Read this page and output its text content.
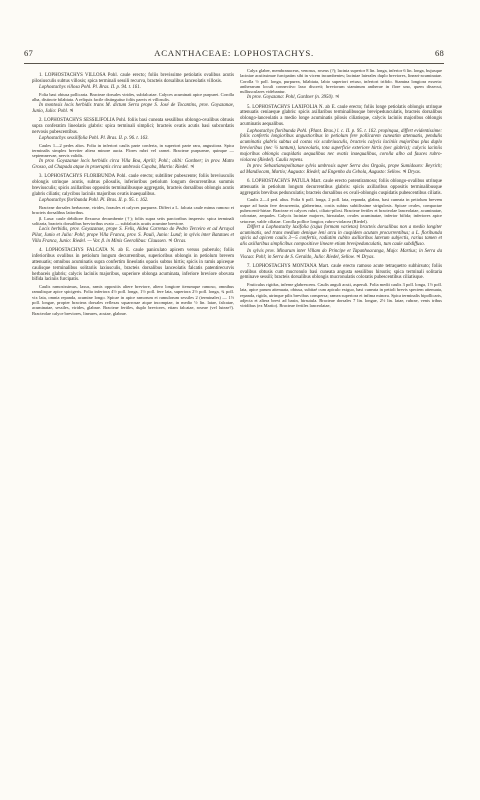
67	ACANTHACEAE: LOPHOSTACHYS.	68

1. LOPHOSTACHYS VILLOSA Pohl. caule erecto; foliis brevissime petiolatis ovalibus acutis pilosiusculis subtus villosis; spica terminali sessili recurva, bracteis dorsalibus lanceolatis villosis.

Lophostachys villosa Pohl. Pl. Bras. II. p. 94. t. 161.

Folia basi obtusa pollicaria. Bracteae dorsales virides, subfalcatae. Calyces acuminati apice purpurei. Corolla alba, distincte bilabiata. A reliquis facile distinguitur foliis parvis et villosulis.

In montosis locis herbidis trans M. dictum Serra prope S. José de Tocantins, prov. Goyazanae, Junio, Julio: Pohl. ♃

2. LOPHOSTACHYS SESSILIFOLIA Pohl. foliis basi cuneata sessilibus oblongo-ovalibus obtusis supra conferatim lineolatis glabris: spica terminali simplici; bracteis ovatis acutis basi subcordatis nervosis pubescentibus.

Lophostachys sessilifolia Pohl. Pl. Bras. II. p. 96. t. 163.

Caules 1—2 pedes altos. Folia in inferiori caulis parte conferta, in superiori parte rara, angustiora. Spica terminalis simplex breviter altera minore aucta. Flores rubri vel carnei. Bracteae purpureae, quinque — septemnervae, nervis validis.

In prov. Goyazanae locis herbidis circa Villa Boa, Aprili; Pohl.; alibi: Gardner; in prov. Matto Grosso, ad Chapada atque in praeruptis circa umbrosis Cuyaba, Martio: Riedel. ♃

3. LOPHOSTACHYS FLORIBUNDA Pohl. caule erecto; subtiliter pubescente; foliis breviusculis oblongis utrinque acutis, subtus pilosulis, inferioribus petiolum longum decurrentibus summis breviusculis; spicis axillaribus oppositis terminalibusque aggregatis, bracteis dorsalibus oblongis acutis glabris ciliatis; calycibus laciniis majoribus ovatis inaequalibus.

Lophostachys floribunda Pohl. Pl. Bras. II. p. 95. t. 162.

Bracteae dorsales herbaceae, virides, foraules et calyces purpurea. Differt a L. falcata caule minus ramoso et bracteis dorsalibus latioribus.

β. Laxa: caule debiliore flexuoso decumbente (†); foliis supra setis parcioribus inspersis: spica terminali solitaria, bracteis dorsalibus brevioribus ovato — subfalcatis acutis acumine breviore.

Locis herbidis, prov. Goyazanae, prope S. Felis, Aldea Carretao do Pedro Terceiro et ad Arrayal Pilar, Junio et Julio: Pohl; prope Villa Franca, prov. S. Pauli, Junio: Lund; in sylvis inter Batataes et Villa Franca, Junio: Riedel. — Var. β. in Minis Geeralibus: Claussen. ♃ Orcas.

4. LOPHOSTACHYS FALCATA N. ab E. caule paniculato apicem versus puberulo; foliis inferioribus ovalibus in petiolum longum decurrentibus, superioribus oblongis in petiolum brevem attenuatis; omnibus acuminatis supra confertim lineolatis opacis subtus hirtis; spicis in ramis apiceque caulisque terminalibus solitariis laxiusculis, bracteis dorsalibus lanceolatis falcatis patentirecurvis herbaceis glabris; calycis laciniis majoribus, superiore oblonga acuminata, inferiore breviore obovata bifida laciniis furcipatis.

Caulis ramosissimus, laxus, ramis oppositis altere breviore, altero longiore iterumque ramoso, omnibus ramulisque apice spicigeris. Folia inferiora 4½ poll. longa, 1½ poll. fere lata, superiora 2½ poll. longa, ¾ poll. vix lata, omnia repanda, acumine longo. Spicae in apice ramorum et ramulorum sessiles 2 (terminales) — 1½ poll. longae, propter bracteas dorsales reflexas squarrosae atque incomptae, in medio ½ lin. latae, falcatae, acuminatae, sessiles, virides, glabrae. Bracteae fertiles, duplo breviores, etiam falcatae, roseae (vel luteae?). Bracteolae calyce breviores, lineares, acutae, glabrae.

Calyx glaber, membranaceus, venosus, roseus (?); lacinia superior 8 lin. longa, inferior 6 lin. longa, bujusque laciniae acutissimae furcipatim sibi in vicem incumbentes; laciniae laterales duplo breviores, lineari-acuminatae. Corolla ½ poll. longa, purpurea, bilabiata, labio superiori retuso, inferiori trifido. Stamina longiora exserta: antherarum loculi connectivo laxo discreti; breviorum staminum antherae in flore uno, quem dissecui, nulliusculares videbantur.

In prov. Goyazana: Pohl, Gardner (n. 3950). ♃

5. LOPHOSTACHYS LAXIFOLIA N. ab E. caule erecto; foliis longe petiolatis oblongis utrinque attenuatis ceniaeque glabris: spicis axillaribus terminalibusque brevipedunculatis, bracteis dorsalibus oblongo-lanceolatis a medio longe acuminatis pilosis ciliatisque, calycis laciniis majoribus oblongis acuminatis aequalibus.

Lophostachys floribunda Pohl. (Plant. Bras.) l. c. II. p. 95. t. 162. propinqua, differt evidentissime: foliis confertis longioribus angustioribus in petiolum fere pollicarem cuneatim attenuatis, pendulis acuminatis glabris subtus ad costas vix scabriusculis, bracteis calycis laciniis majoribus plus duplo brevioribus (nec ¼ tantum), lanceolatis, tota superficie exteriore hirtis (nec glabris); calycis laciniis majoribus oblongis cuspidatis aequalibus nec ovatis inaequalibus, corolla albo ad fauces rubro-violacea (Riedel). Caulis repens.

In prov. Sebastianopolitanae sylvis umbrosis super Serra dos Orgaös, prope Sumidouro: Beyrich; ad Mandiocam, Martio; Augusto: Riedel; ad Engenho da Cebola, Augusto: Sellow. ♃ Dryas.

6. LOPHOSTACHYS PATULA Mart. caule erecto potentiramoso; foliis oblongo-ovalibus utrinque attenuatis in petiolum longum decurrentibus glabris: spicis axillaribus oppositis terminalibusque aggregatis brevibus pedunculatis; bracteis dorsalibus ex ovali-oblongis cuspidatis pubescentibus ciliatis.

Caulis 2—4 ped. altus. Folia 6 poll. longa, 2 poll. lata, repanda, glabra, basi cuneata in petiolum brevem usque ad basin fere decurrentia, glaberrima, costis subtus subtilissime strigulosis. Spicae ovales, compactae pubescenti-hirtae. Bracteae et calyces rubri, ciliato-pilosi. Bracteae fertiles et bracteolae lanceolatae, acuminatae, coloratae, aequales. Calycis laciniae majores, hirsutulae, ovales acuminatae, inferior bifida; inferiores apice setaceae, valde ciliatae. Corolla pollice longior, rubro-violacea (Riedel).

Differt a Lophostachy laxifolia (cujus formam varietas) bracteis dorsalibus non a medio longiter acuminatis, sed trans medium denique leni arcu in cuspidem acutam procurrentibus; a L. floribunda spicis ad apicem caulis 3—5 confertis, radiatim cubito axillaribus laterum subjectis, rarius tamen et alis axillaribus simplicibus compositisve lineare etiam brevipedunculatis, tum caule subdiffuso.

In sylvis prov. Minarum inter Villam do Principe et Tapanhoacanga, Majo: Martius; in Serra da Viscaa: Pohl; in Serra de S. Geraldo, Julio: Riedel, Sellow. ♃ Dryas.

7. LOPHOSTACHYS MONTANA Mart. caule erecto ramoso acute tetraquetro subhirsuto; foliis ovalibus obtusis cum mucronulo basi cuneata angusta sessilibus hirsutis; spica terminali solitaria geminave sessili; bracteis dorsalibus oblongis mucronulatis coloratis pubescentibus ciliatisque.

Fruticulus rigidus, inferne glabrescens. Caulis anguli acuti, asperuli. Folia medii caulis 3 poll. longa, 1½ poll. lata, apice parum attenuata, obtusa, subitaé cum apiculo exiguo, basi cuneata in petioli brevis speciem attenuata, repanda, rigida, utrinque pilis brevibus conspersa; ramea superiora et infima minora. Spica terminalis bipollicaris, adjecta et altera brevi ad basin, hirsutula. Bracteae dorsales 7 lin. longae, 2½ lin. latae, rubrae, venis tribus viridibus (ex Martio). Bracteae fertiles lanceolatae,
